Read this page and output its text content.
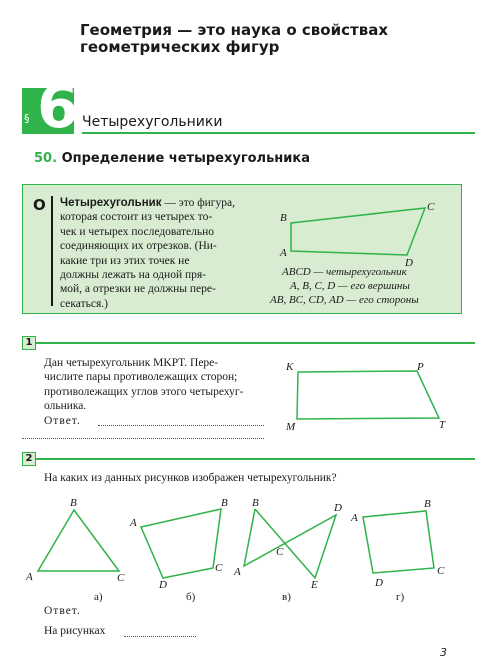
Геометрия — это наука о свойствах
геометрических фигур
§ 6 Четырехугольники
50. Определение четырехугольника
О Четырехугольник — это фигура,
которая состоит из четырех то-
чек и четырех последовательно
соединяющих их отрезков. (Ни-
какие три из этих точек не
должны лежать на одной пря-
мой, а отрезки не должны пере-
секаться.)
1
Дан четырехугольник MKPT. Пере-
числите пары противолежащих сторон;
противолежащих углов этого четырехуг-
ольника.
Ответ.
2
На каких из данных рисунков изображен четырехугольник?
а)	б)	в)	г)
Ответ.
На рисунках
ABCD — четырехугольник
A, B, C, D — его вершины
AB, BC, CD, AD — его стороны
B
C
A
D
K	P
M	T
B
A	C
A
B
C
D
B	D
C
A
E
A
B
C
D
3
